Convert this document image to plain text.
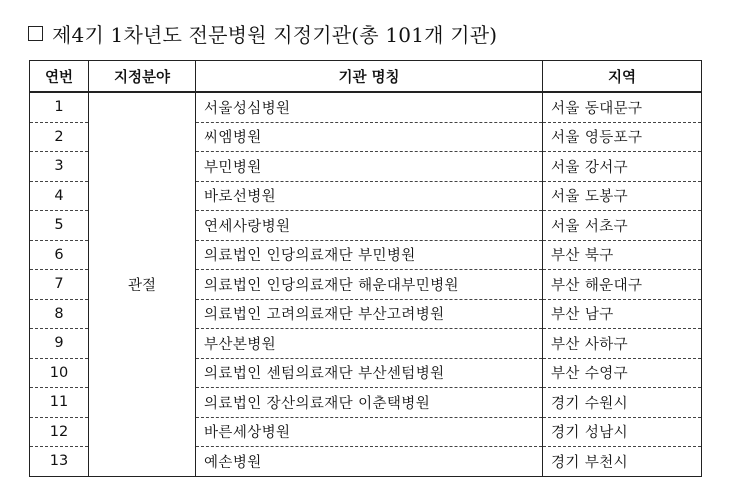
제4기 1차년도 전문병원 지정기관(총 101개 기관)
연번	지정분야	기관 명칭	지역
1	관절	서울성심병원	서울 동대문구
2		씨엠병원	서울 영등포구
3		부민병원	서울 강서구
4		바로선병원	서울 도봉구
5		연세사랑병원	서울 서초구
6		의료법인 인당의료재단 부민병원	부산 북구
7		의료법인 인당의료재단 해운대부민병원	부산 해운대구
8		의료법인 고려의료재단 부산고려병원	부산 남구
9		부산본병원	부산 사하구
10		의료법인 센텀의료재단 부산센텀병원	부산 수영구
11		의료법인 장산의료재단 이춘택병원	경기 수원시
12		바른세상병원	경기 성남시
13		예손병원	경기 부천시
